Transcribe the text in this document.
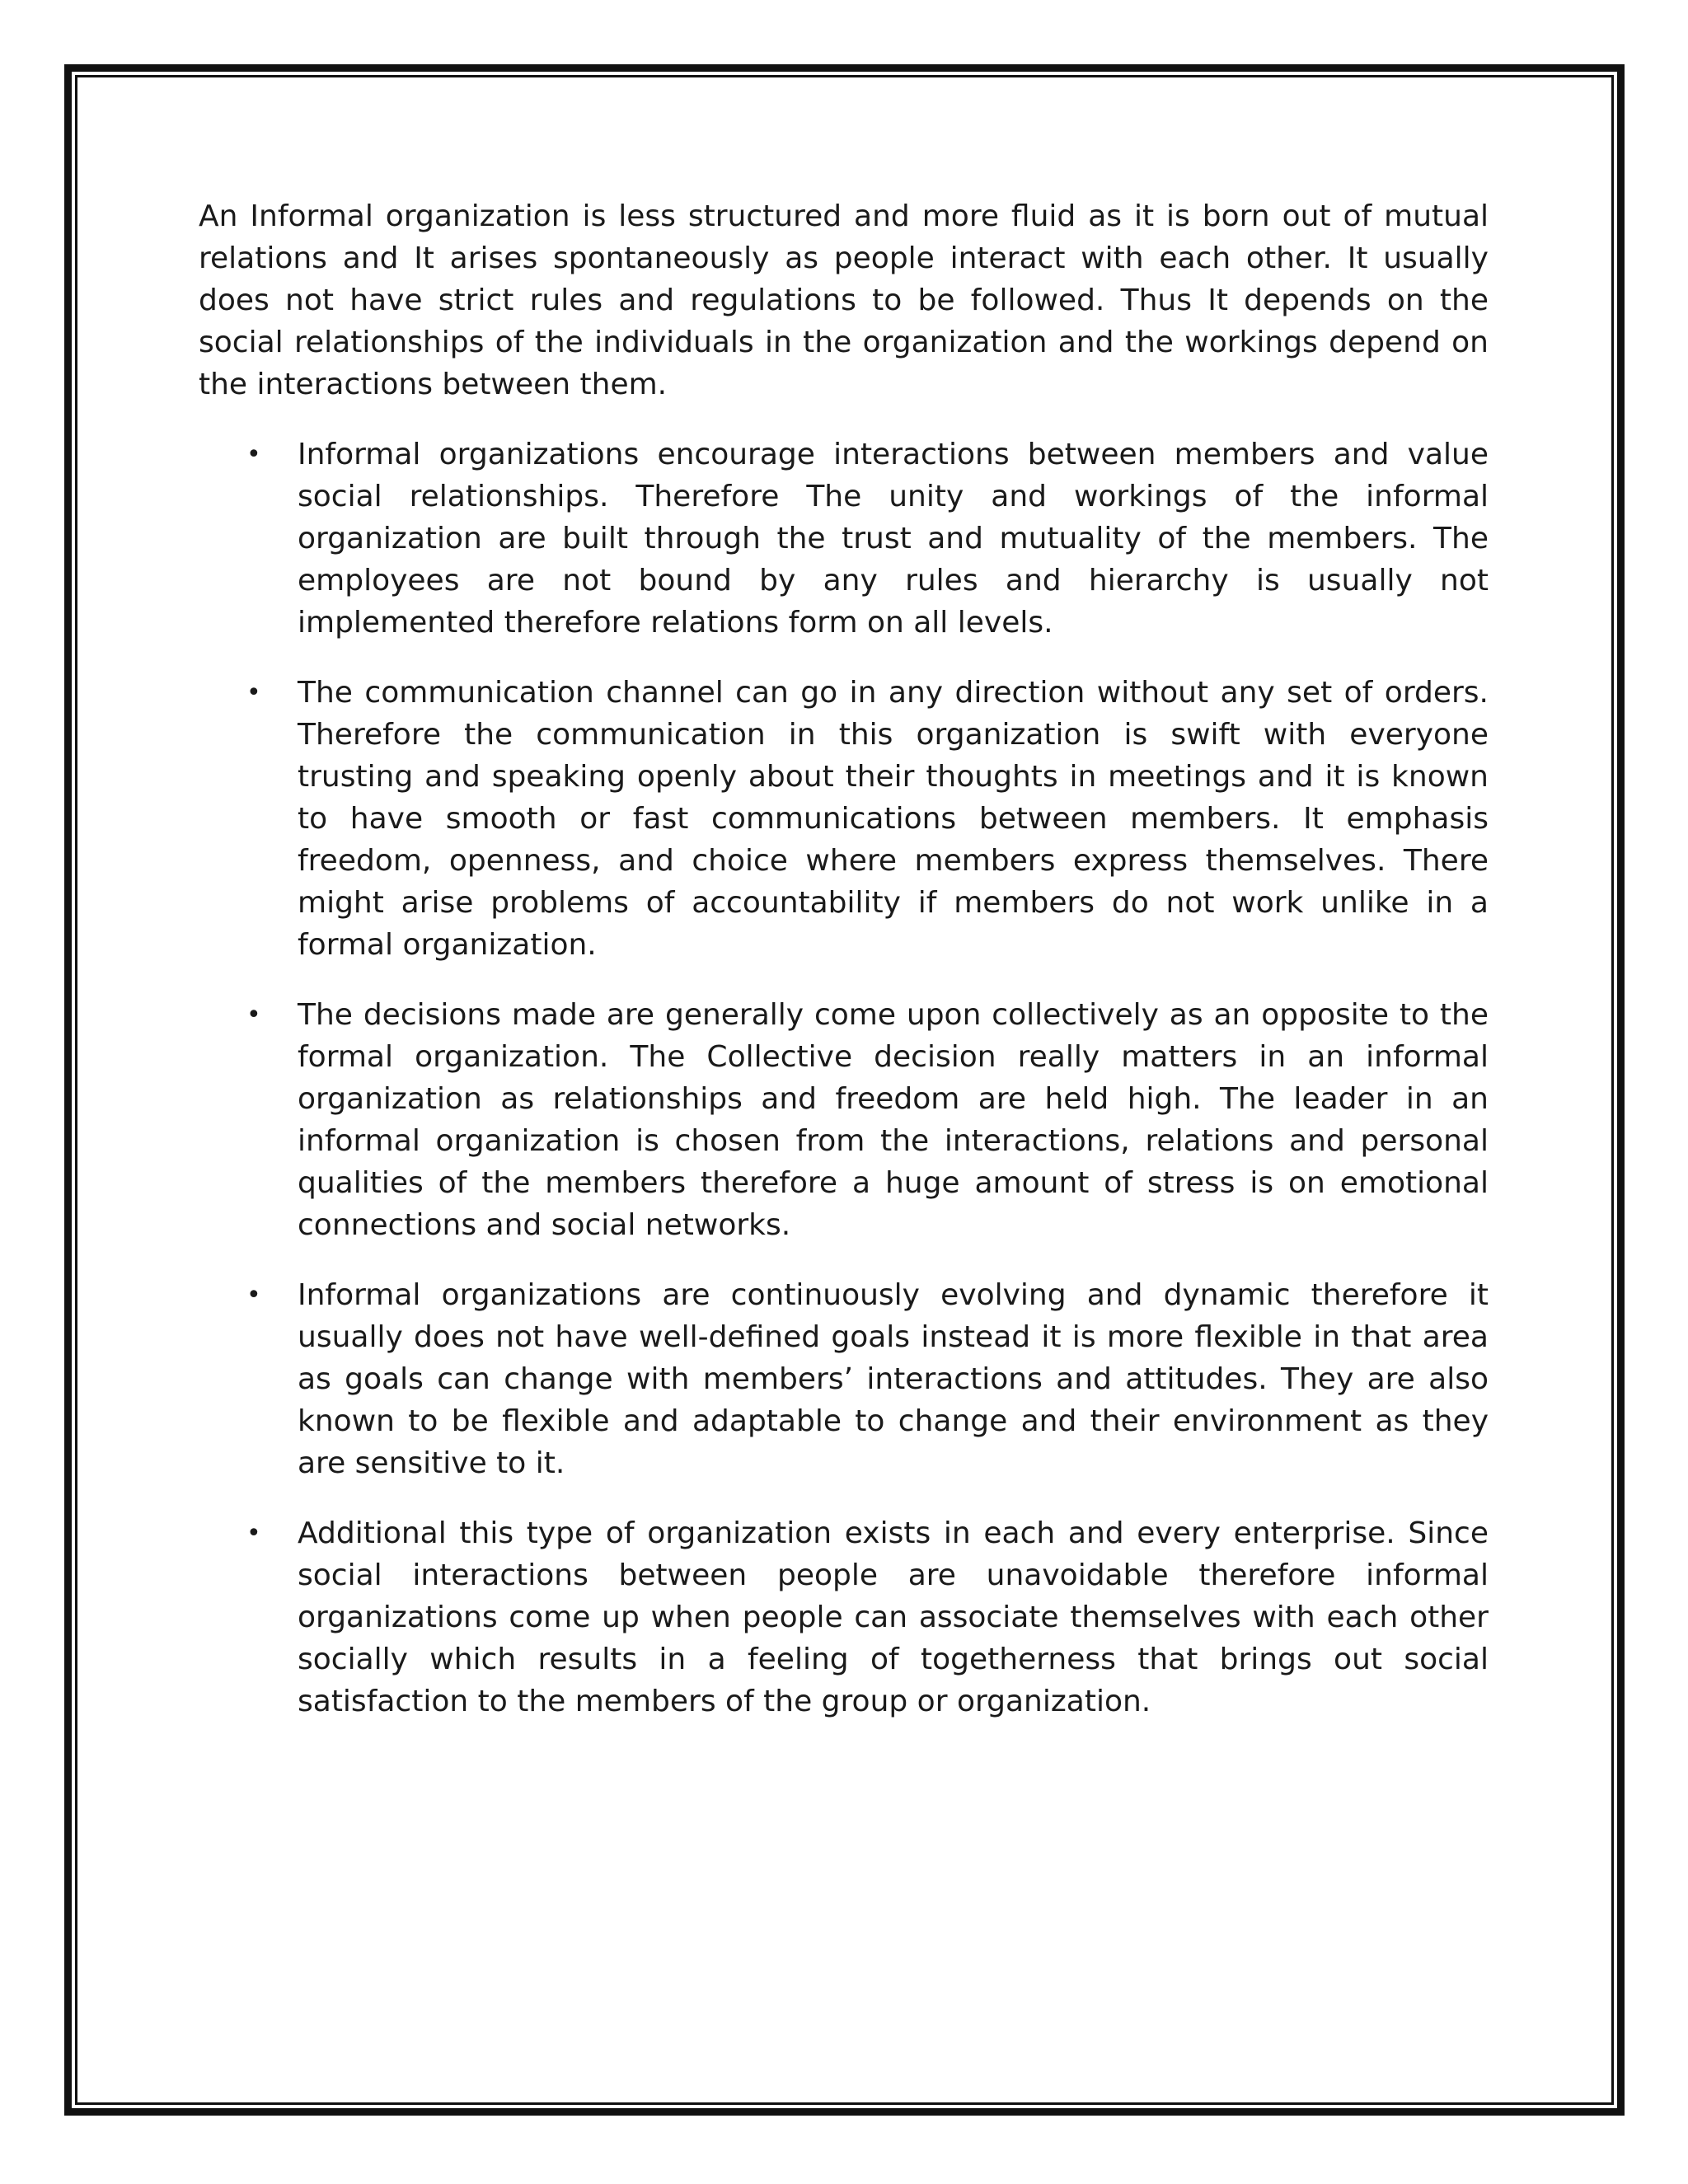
An Informal organization is less structured and more fluid as it is born out of mutual relations and It arises spontaneously as people interact with each other. It usually does not have strict rules and regulations to be followed. Thus It depends on the social relationships of the individuals in the organization and the workings depend on the interactions between them.

• Informal organizations encourage interactions between members and value social relationships. Therefore The unity and workings of the informal organization are built through the trust and mutuality of the members. The employees are not bound by any rules and hierarchy is usually not implemented therefore relations form on all levels.
• The communication channel can go in any direction without any set of orders. Therefore the communication in this organization is swift with everyone trusting and speaking openly about their thoughts in meetings and it is known to have smooth or fast communications between members. It emphasis freedom, openness, and choice where members express themselves. There might arise problems of accountability if members do not work unlike in a formal organization.
• The decisions made are generally come upon collectively as an opposite to the formal organization. The Collective decision really matters in an informal organization as relationships and freedom are held high. The leader in an informal organization is chosen from the interactions, relations and personal qualities of the members therefore a huge amount of stress is on emotional connections and social networks.
• Informal organizations are continuously evolving and dynamic therefore it usually does not have well-defined goals instead it is more flexible in that area as goals can change with members’ interactions and attitudes. They are also known to be flexible and adaptable to change and their environment as they are sensitive to it.
• Additional this type of organization exists in each and every enterprise. Since social interactions between people are unavoidable therefore informal organizations come up when people can associate themselves with each other socially which results in a feeling of togetherness that brings out social satisfaction to the members of the group or organization.
